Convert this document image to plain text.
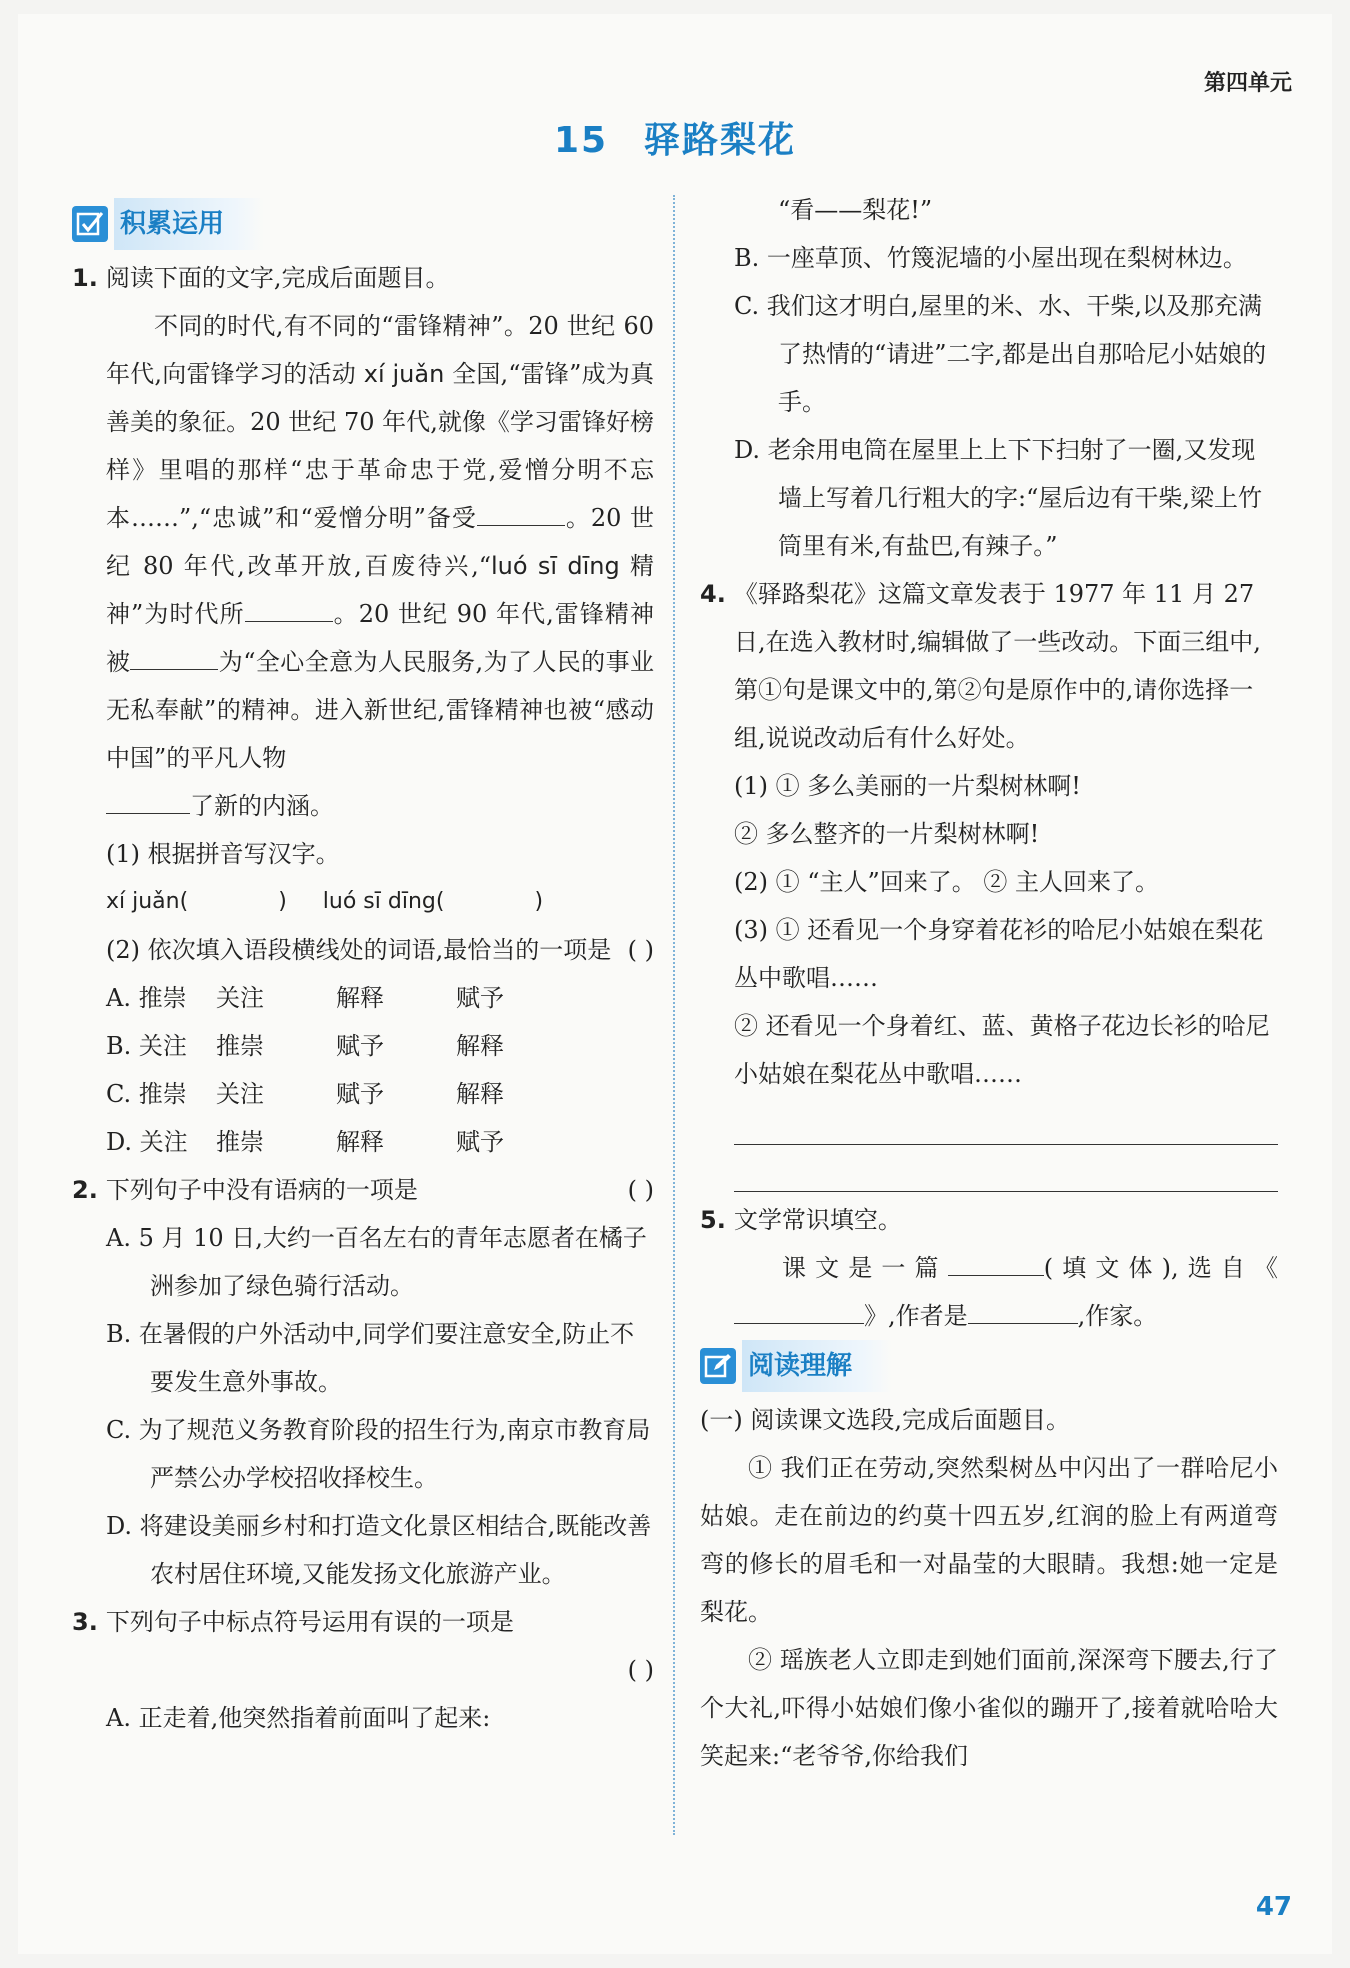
第四单元
15 驿路梨花
积累运用

1. 阅读下面的文字,完成后面题目。

不同的时代,有不同的“雷锋精神”。20 世纪 60 年代,向雷锋学习的活动 xí juǎn 全国,“雷锋”成为真善美的象征。20 世纪 70 年代,就像《学习雷锋好榜样》里唱的那样“忠于革命忠于党,爱憎分明不忘本……”,“忠诚”和“爱憎分明”备受	。20 世纪 80 年代,改革开放,百废待兴,“luó sī dīng 精神”为时代所	。20 世纪 90 年代,雷锋精神被	为“全心全意为人民服务,为了人民的事业无私奉献”的精神。进入新世纪,雷锋精神也被“感动中国”的平凡人物
了新的内涵。

(1) 根据拼音写汉字。

xí juǎn(	) luó sī dīng(	)

(2) 依次填入语段横线处的词语,最恰当的一项是 ( )

A. 推崇	关注	解释	赋予
B. 关注	推崇	赋予	解释
C. 推崇	关注	赋予	解释
D. 关注	推崇	解释	赋予

2. 下列句子中没有语病的一项是	( )

A. 5 月 10 日,大约一百名左右的青年志愿者在橘子洲参加了绿色骑行活动。

B. 在暑假的户外活动中,同学们要注意安全,防止不要发生意外事故。

C. 为了规范义务教育阶段的招生行为,南京市教育局严禁公办学校招收择校生。

D. 将建设美丽乡村和打造文化景区相结合,既能改善农村居住环境,又能发扬文化旅游产业。

3. 下列句子中标点符号运用有误的一项是

( )

A. 正走着,他突然指着前面叫了起来:

“看——梨花!”

B. 一座草顶、竹篾泥墙的小屋出现在梨树林边。

C. 我们这才明白,屋里的米、水、干柴,以及那充满了热情的“请进”二字,都是出自那哈尼小姑娘的手。

D. 老余用电筒在屋里上上下下扫射了一圈,又发现墙上写着几行粗大的字:“屋后边有干柴,梁上竹筒里有米,有盐巴,有辣子。”

4. 《驿路梨花》这篇文章发表于 1977 年 11 月 27 日,在选入教材时,编辑做了一些改动。下面三组中,第①句是课文中的,第②句是原作中的,请你选择一组,说说改动后有什么好处。

(1) ① 多么美丽的一片梨树林啊!

② 多么整齐的一片梨树林啊!

(2) ① “主人”回来了。 ② 主人回来了。

(3) ① 还看见一个身穿着花衫的哈尼小姑娘在梨花丛中歌唱……

② 还看见一个身着红、蓝、黄格子花边长衫的哈尼小姑娘在梨花丛中歌唱……

5. 文学常识填空。

课文是一篇	(填文体),选自《》,作者是	,作家。

阅读理解

(一) 阅读课文选段,完成后面题目。

① 我们正在劳动,突然梨树丛中闪出了一群哈尼小姑娘。走在前边的约莫十四五岁,红润的脸上有两道弯弯的修长的眉毛和一对晶莹的大眼睛。我想:她一定是梨花。

② 瑶族老人立即走到她们面前,深深弯下腰去,行了个大礼,吓得小姑娘们像小雀似的蹦开了,接着就哈哈大笑起来:“老爷爷,你给我们

47
